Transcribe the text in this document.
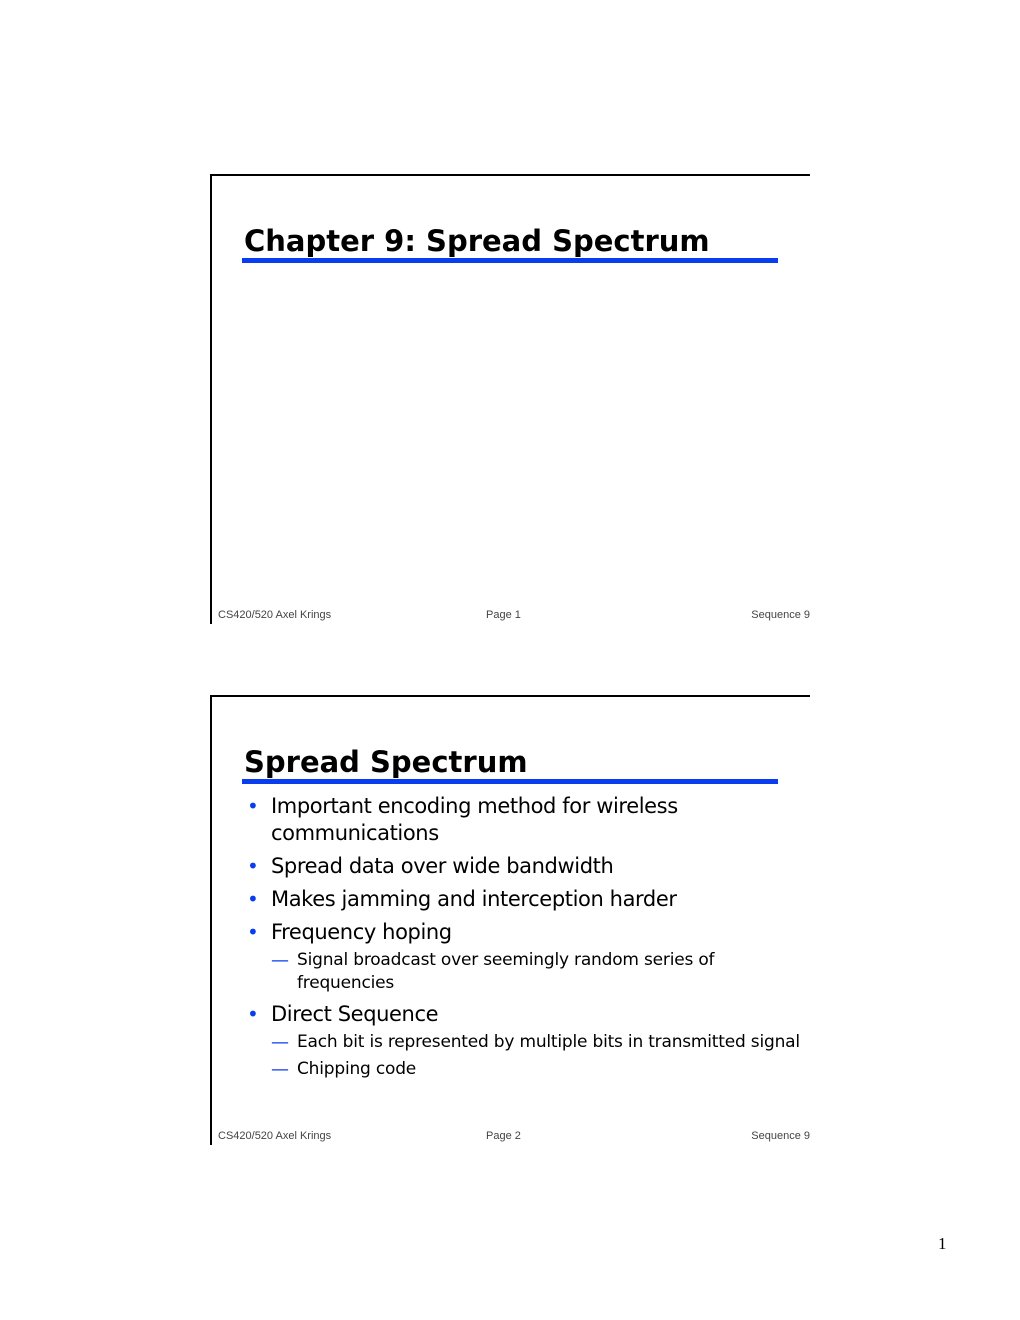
Chapter 9: Spread Spectrum
CS420/520 Axel Krings	Page 1	Sequence 9
Spread Spectrum
• Important encoding method for wireless communications
• Spread data over wide bandwidth
• Makes jamming and interception harder
• Frequency hoping
— Signal broadcast over seemingly random series of frequencies
• Direct Sequence
— Each bit is represented by multiple bits in transmitted signal
— Chipping code
CS420/520 Axel Krings	Page 2	Sequence 9
1
